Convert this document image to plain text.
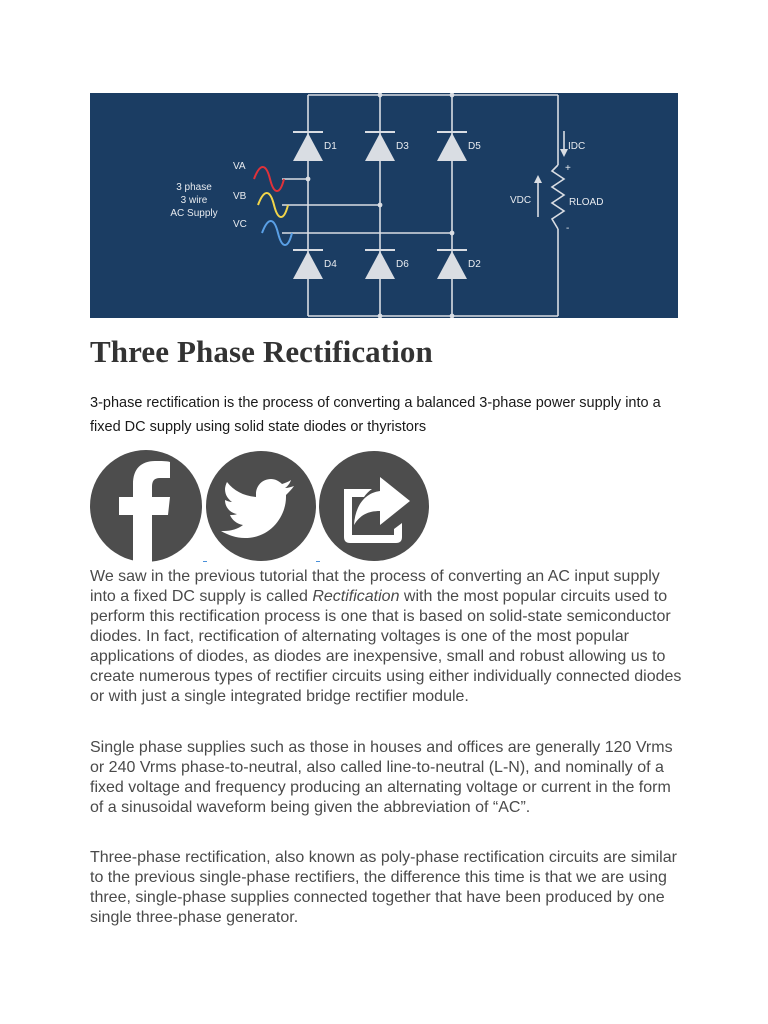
D1	D3	D5
D4	D6	D2
VA
VB
VC
IDC
VDC	RLOAD
+
-
3 phase
3 wire
AC Supply
Three Phase Rectification

3-phase rectification is the process of converting a balanced 3-phase power supply into a fixed DC supply using solid state diodes or thyristors

We saw in the previous tutorial that the process of converting an AC input supply into a fixed DC supply is called Rectification with the most popular circuits used to perform this rectification process is one that is based on solid-state semiconductor diodes. In fact, rectification of alternating voltages is one of the most popular applications of diodes, as diodes are inexpensive, small and robust allowing us to create numerous types of rectifier circuits using either individually connected diodes or with just a single integrated bridge rectifier module.

Single phase supplies such as those in houses and offices are generally 120 Vrms or 240 Vrms phase-to-neutral, also called line-to-neutral (L-N), and nominally of a fixed voltage and frequency producing an alternating voltage or current in the form of a sinusoidal waveform being given the abbreviation of “AC”.

Three-phase rectification, also known as poly-phase rectification circuits are similar to the previous single-phase rectifiers, the difference this time is that we are using three, single-phase supplies connected together that have been produced by one single three-phase generator.
